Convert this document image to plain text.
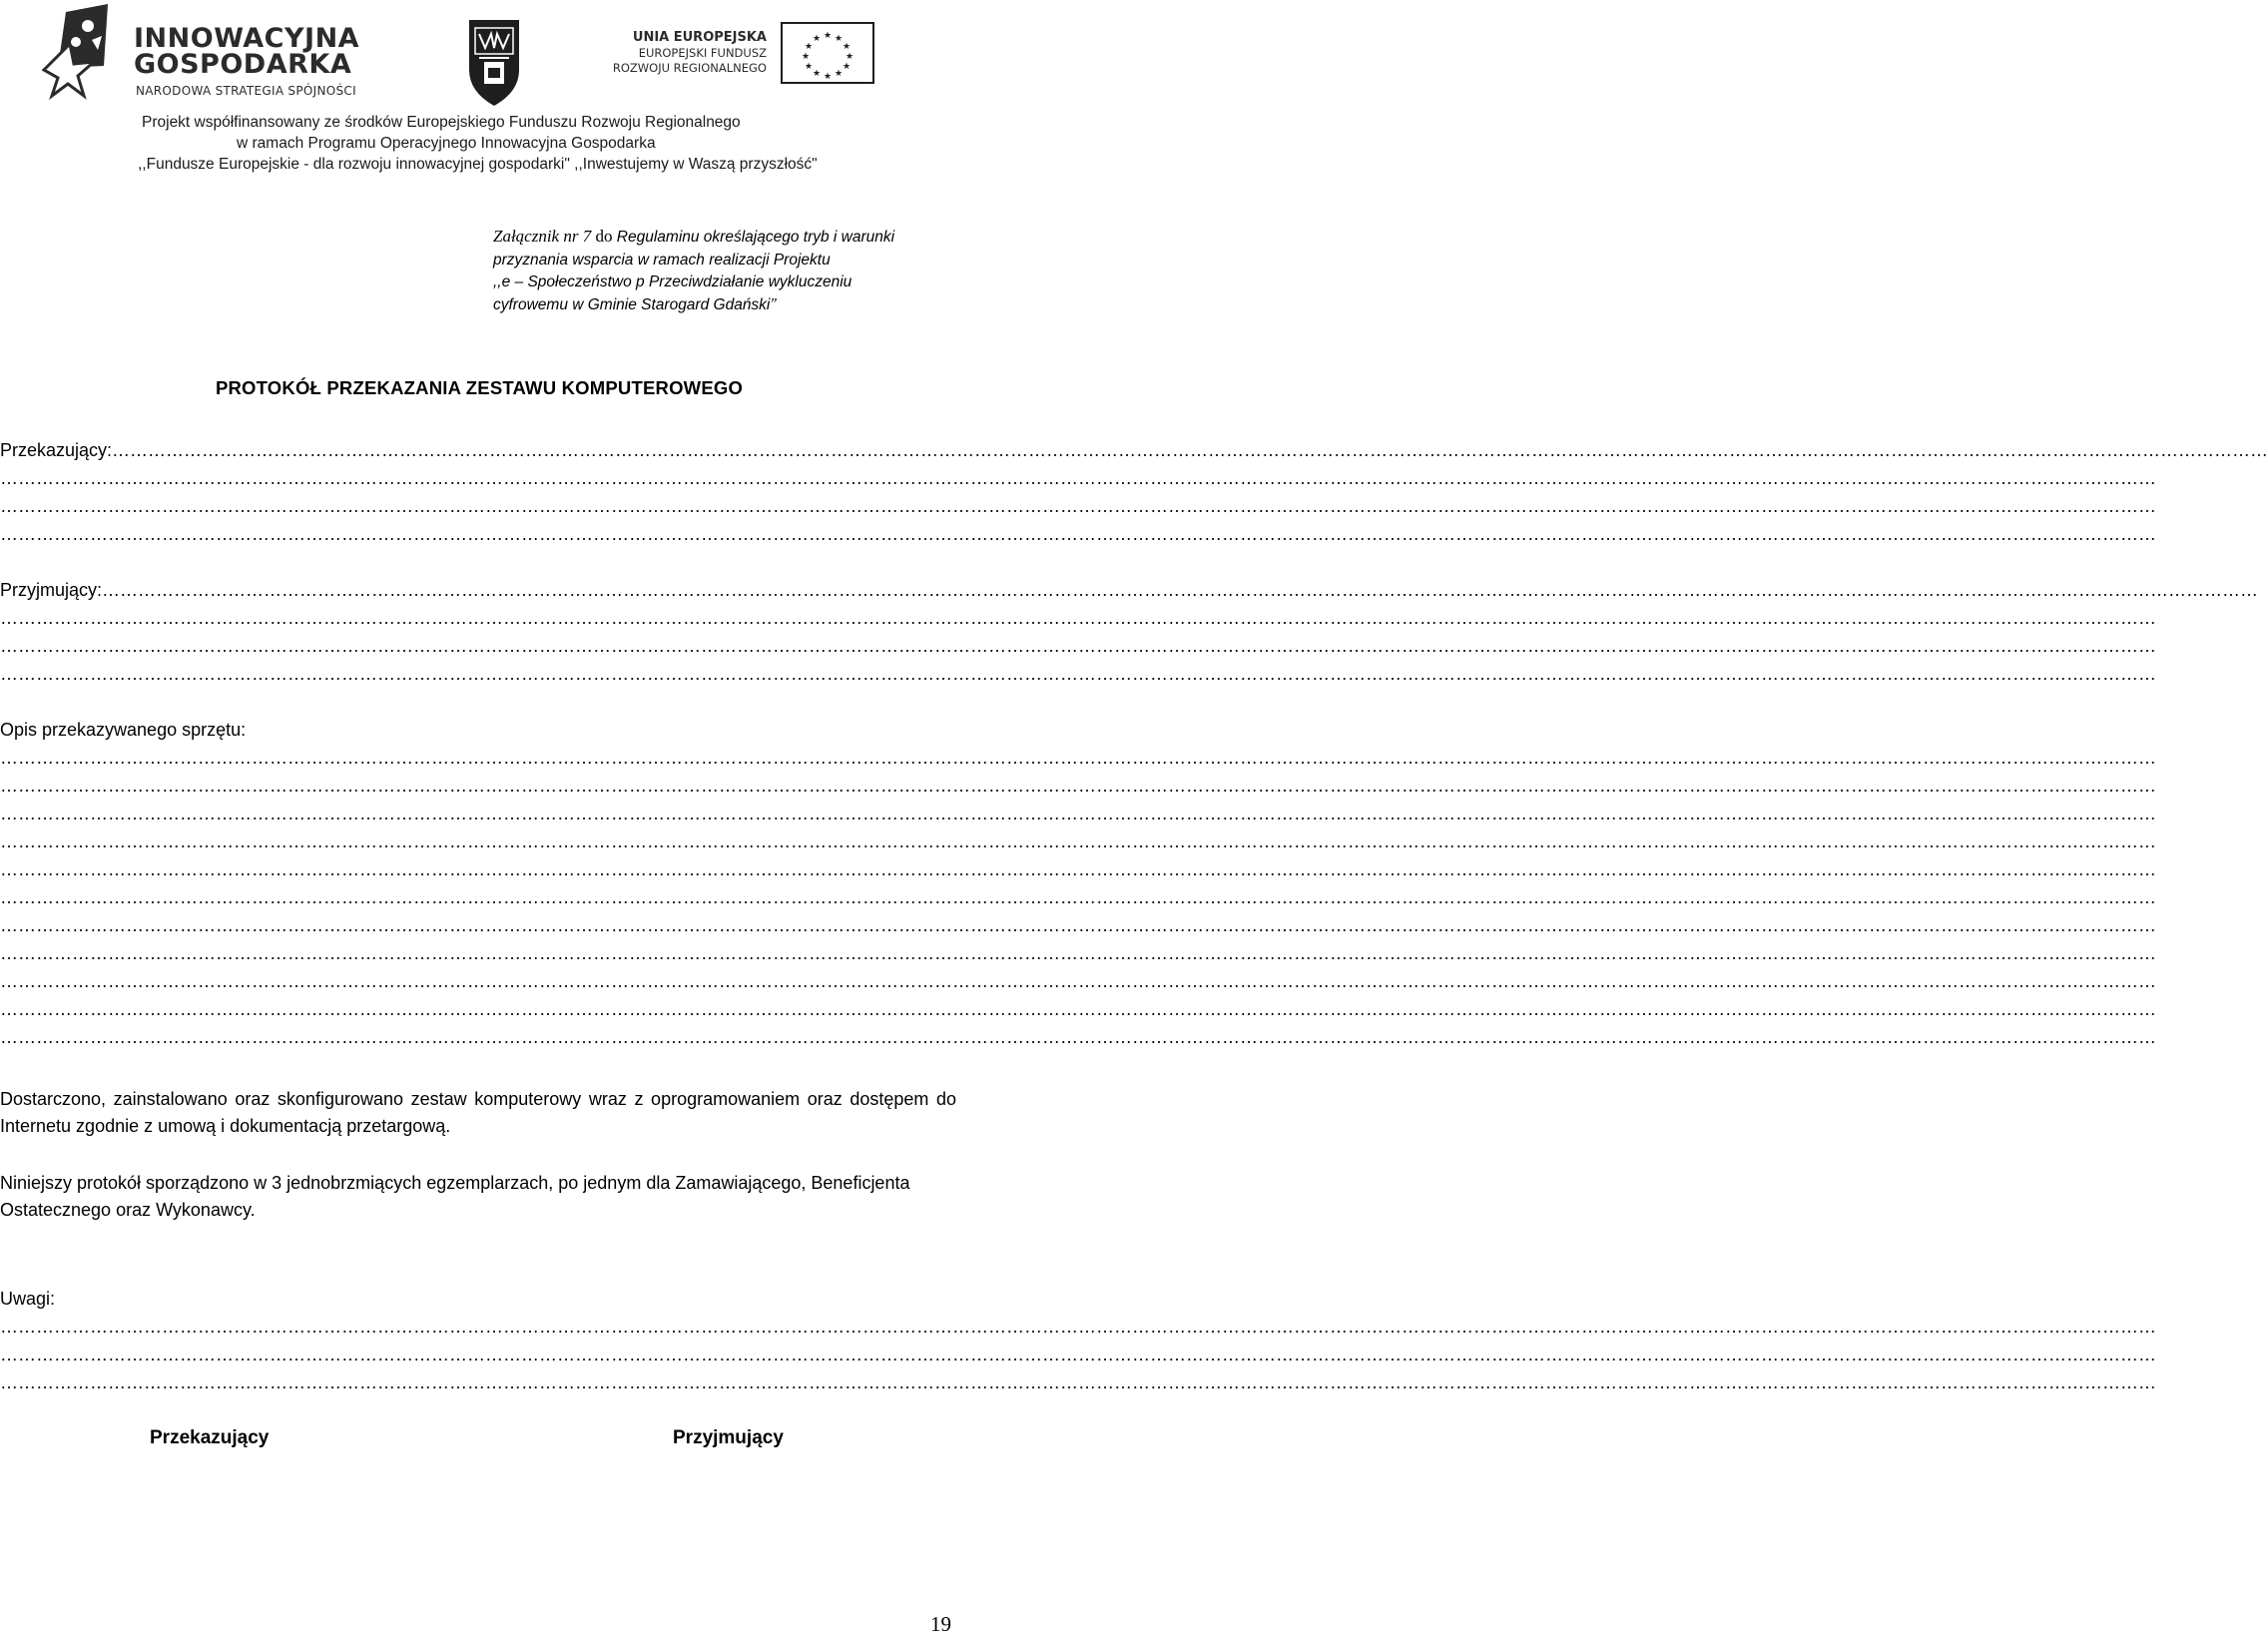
INNOWACYJNA
GOSPODARKA
NARODOWA STRATEGIA SPÓJNOŚCI
UNIA EUROPEJSKA
EUROPEJSKI FUNDUSZ
ROZWOJU REGIONALNEGO
★ ★
★
★
★
★
★
★
★
★
★
★
Projekt współfinansowany ze środków Europejskiego Funduszu Rozwoju Regionalnego
w ramach Programu Operacyjnego Innowacyjna Gospodarka
,,Fundusze Europejskie - dla rozwoju innowacyjnej gospodarki" ,,Inwestujemy w Waszą przyszłość"
Załącznik nr 7 do Regulaminu określającego tryb i warunki
przyznania wsparcia w ramach realizacji Projektu
,,e – Społeczeństwo p Przeciwdziałanie wykluczeniu
cyfrowemu w Gminie Starogard Gdański’’
PROTOKÓŁ PRZEKAZANIA ZESTAWU KOMPUTEROWEGO
Przekazujący:………………………………………………………………………………………………………………………………………………………………………………………………………………………………………………………………………………………………………………………………
………………………………………………………………………………………………………………………………………………………………………………………………………………………………………………………………………………………………………………………………
………………………………………………………………………………………………………………………………………………………………………………………………………………………………………………………………………………………………………………………………
………………………………………………………………………………………………………………………………………………………………………………………………………………………………………………………………………………………………………………………………
Przyjmujący:………………………………………………………………………………………………………………………………………………………………………………………………………………………………………………………………………………………………………………………………
………………………………………………………………………………………………………………………………………………………………………………………………………………………………………………………………………………………………………………………………
………………………………………………………………………………………………………………………………………………………………………………………………………………………………………………………………………………………………………………………………
………………………………………………………………………………………………………………………………………………………………………………………………………………………………………………………………………………………………………………………………
Opis przekazywanego sprzętu:
………………………………………………………………………………………………………………………………………………………………………………………………………………………………………………………………………………………………………………………………
………………………………………………………………………………………………………………………………………………………………………………………………………………………………………………………………………………………………………………………………
………………………………………………………………………………………………………………………………………………………………………………………………………………………………………………………………………………………………………………………………
………………………………………………………………………………………………………………………………………………………………………………………………………………………………………………………………………………………………………………………………
………………………………………………………………………………………………………………………………………………………………………………………………………………………………………………………………………………………………………………………………
………………………………………………………………………………………………………………………………………………………………………………………………………………………………………………………………………………………………………………………………
………………………………………………………………………………………………………………………………………………………………………………………………………………………………………………………………………………………………………………………………
………………………………………………………………………………………………………………………………………………………………………………………………………………………………………………………………………………………………………………………………
………………………………………………………………………………………………………………………………………………………………………………………………………………………………………………………………………………………………………………………………
………………………………………………………………………………………………………………………………………………………………………………………………………………………………………………………………………………………………………………………………
………………………………………………………………………………………………………………………………………………………………………………………………………………………………………………………………………………………………………………………………
Dostarczono, zainstalowano oraz skonfigurowano zestaw komputerowy wraz z oprogramowaniem oraz dostępem do Internetu zgodnie z umową i dokumentacją przetargową.
Niniejszy protokół sporządzono w 3 jednobrzmiących egzemplarzach, po jednym dla Zamawiającego, Beneficjenta Ostatecznego oraz Wykonawcy.
Uwagi:
………………………………………………………………………………………………………………………………………………………………………………………………………………………………………………………………………………………………………………………………
………………………………………………………………………………………………………………………………………………………………………………………………………………………………………………………………………………………………………………………………
………………………………………………………………………………………………………………………………………………………………………………………………………………………………………………………………………………………………………………………………
Przekazujący	Przyjmujący
19
